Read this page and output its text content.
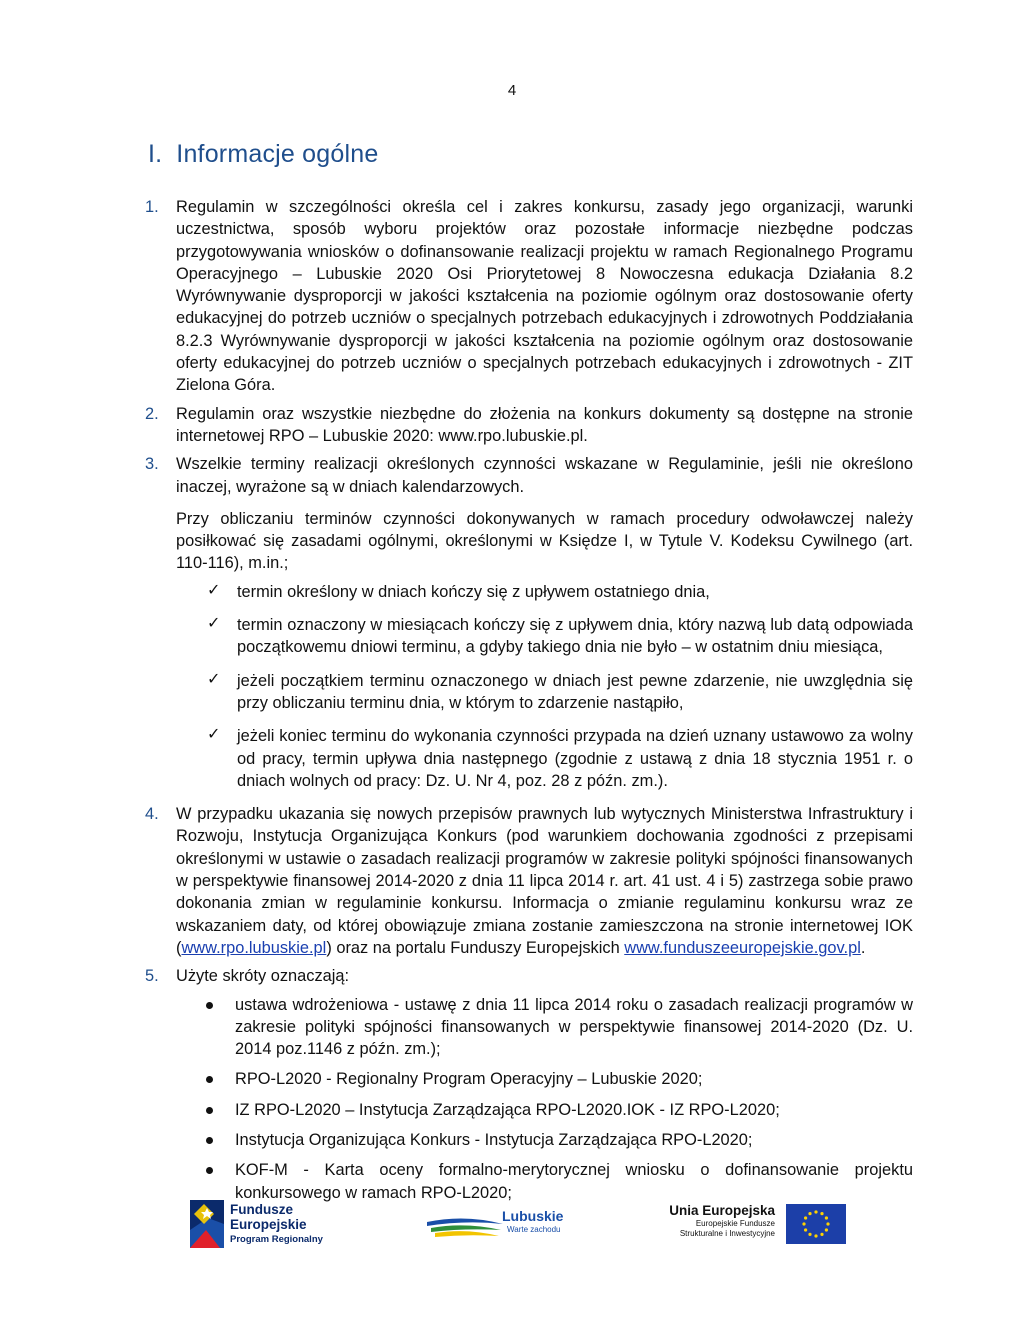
4
I. Informacje ogólne
1. Regulamin w szczególności określa cel i zakres konkursu, zasady jego organizacji, warunki uczestnictwa, sposób wyboru projektów oraz pozostałe informacje niezbędne podczas przygotowywania wniosków o dofinansowanie realizacji projektu w ramach Regionalnego Programu Operacyjnego – Lubuskie 2020 Osi Priorytetowej 8 Nowoczesna edukacja Działania 8.2 Wyrównywanie dysproporcji w jakości kształcenia na poziomie ogólnym oraz dostosowanie oferty edukacyjnej do potrzeb uczniów o specjalnych potrzebach edukacyjnych i zdrowotnych Poddziałania 8.2.3 Wyrównywanie dysproporcji w jakości kształcenia na poziomie ogólnym oraz dostosowanie oferty edukacyjnej do potrzeb uczniów o specjalnych potrzebach edukacyjnych i zdrowotnych - ZIT Zielona Góra.

2. Regulamin oraz wszystkie niezbędne do złożenia na konkurs dokumenty są dostępne na stronie internetowej RPO – Lubuskie 2020: www.rpo.lubuskie.pl.

3. Wszelkie terminy realizacji określonych czynności wskazane w Regulaminie, jeśli nie określono inaczej, wyrażone są w dniach kalendarzowych.

Przy obliczaniu terminów czynności dokonywanych w ramach procedury odwoławczej należy posiłkować się zasadami ogólnymi, określonymi w Księdze I, w Tytule V. Kodeksu Cywilnego (art. 110-116), m.in.;

✓ termin określony w dniach kończy się z upływem ostatniego dnia,
✓ termin oznaczony w miesiącach kończy się z upływem dnia, który nazwą lub datą odpowiada początkowemu dniowi terminu, a gdyby takiego dnia nie było – w ostatnim dniu miesiąca,
✓ jeżeli początkiem terminu oznaczonego w dniach jest pewne zdarzenie, nie uwzględnia się przy obliczaniu terminu dnia, w którym to zdarzenie nastąpiło,
✓ jeżeli koniec terminu do wykonania czynności przypada na dzień uznany ustawowo za wolny od pracy, termin upływa dnia następnego (zgodnie z ustawą z dnia 18 stycznia 1951 r. o dniach wolnych od pracy: Dz. U. Nr 4, poz. 28 z późn. zm.).
4. W przypadku ukazania się nowych przepisów prawnych lub wytycznych Ministerstwa Infrastruktury i Rozwoju, Instytucja Organizująca Konkurs (pod warunkiem dochowania zgodności z przepisami określonymi w ustawie o zasadach realizacji programów w zakresie polityki spójności finansowanych w perspektywie finansowej 2014-2020 z dnia 11 lipca 2014 r. art. 41 ust. 4 i 5) zastrzega sobie prawo dokonania zmian w regulaminie konkursu. Informacja o zmianie regulaminu konkursu wraz ze wskazaniem daty, od której obowiązuje zmiana zostanie zamieszczona na stronie internetowej IOK (www.rpo.lubuskie.pl) oraz na portalu Funduszy Europejskich www.funduszeeuropejskie.gov.pl.

5. Użyte skróty oznaczają:

ustawa wdrożeniowa - ustawę z dnia 11 lipca 2014 roku o zasadach realizacji programów w zakresie polityki spójności finansowanych w perspektywie finansowej 2014-2020 (Dz. U. 2014 poz.1146 z późn. zm.);
RPO-L2020 - Regionalny Program Operacyjny – Lubuskie 2020;
IZ RPO-L2020 – Instytucja Zarządzająca RPO-L2020.IOK - IZ RPO-L2020;
Instytucja Organizująca Konkurs - Instytucja Zarządzająca RPO-L2020;
KOF-M - Karta oceny formalno-merytorycznej wniosku o dofinansowanie projektu konkursowego w ramach RPO-L2020;
Fundusze
Europejskie
Program Regionalny
Lubuskie
Warte zachodu
Unia Europejska
Europejskie Fundusze
Strukturalne i Inwestycyjne
